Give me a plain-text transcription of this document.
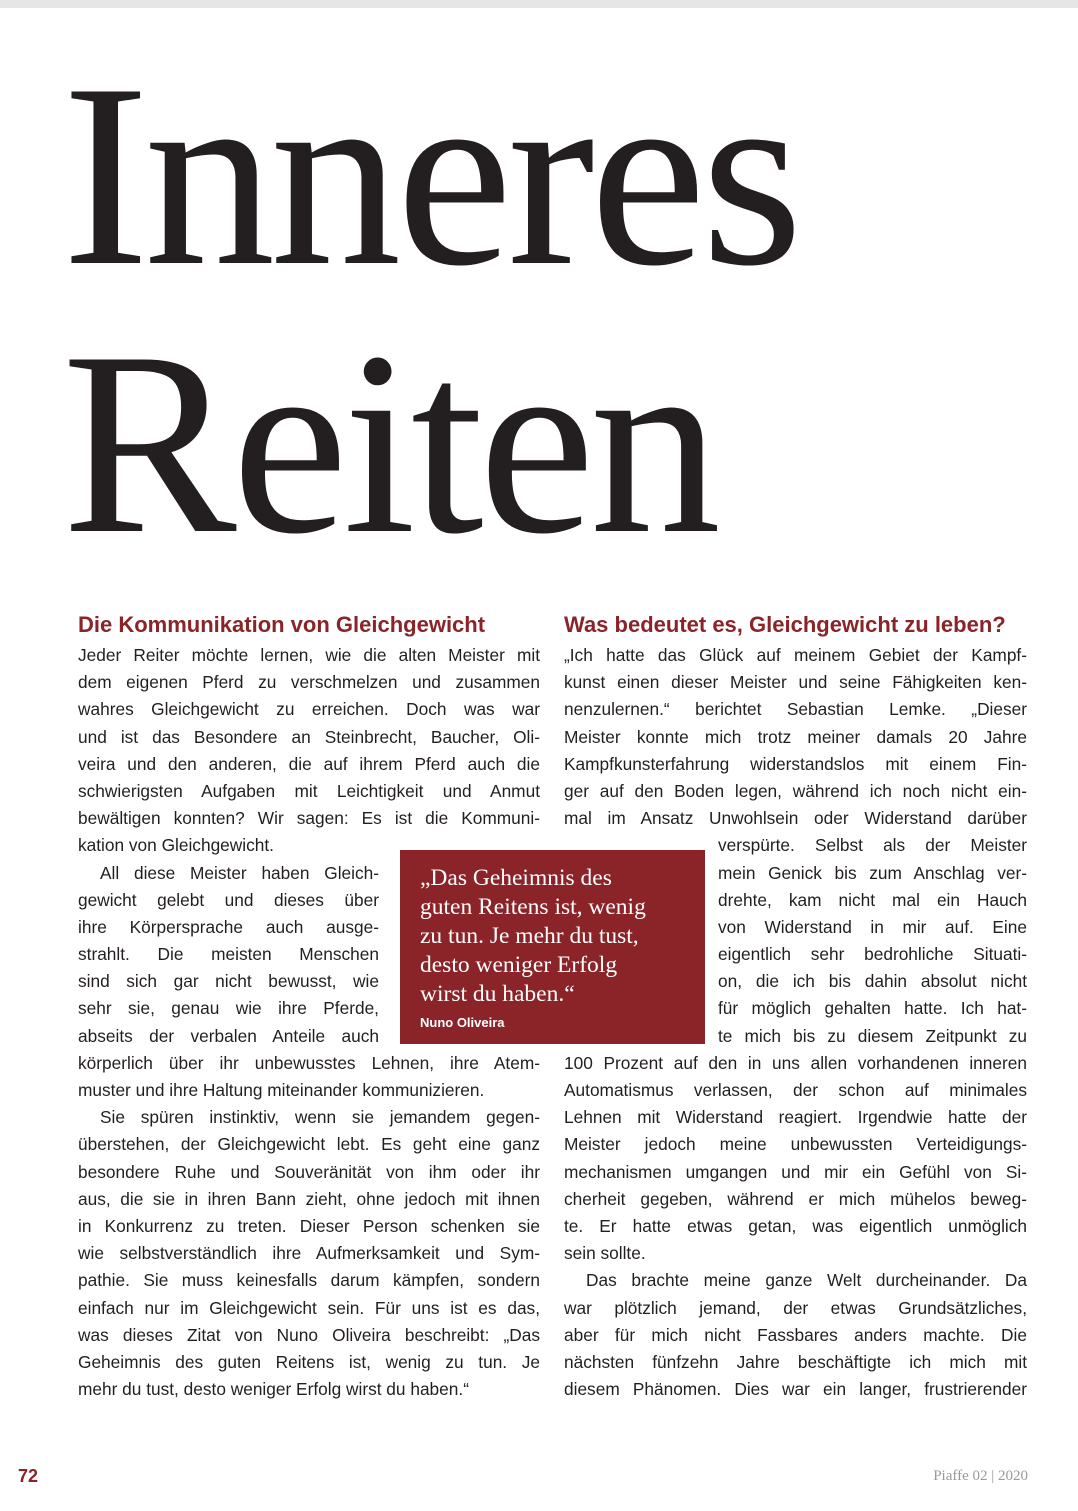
Inneres
Reiten
Die Kommunikation von Gleichgewicht	Was bedeutet es, Gleichgewicht zu leben?
Jeder Reiter möchte lernen, wie die alten Meister mit
dem eigenen Pferd zu verschmelzen und zusammen
wahres Gleichgewicht zu erreichen. Doch was war
und ist das Besondere an Steinbrecht, Baucher, Oli-
veira und den anderen, die auf ihrem Pferd auch die
schwierigsten Aufgaben mit Leichtigkeit und Anmut
bewältigen konnten? Wir sagen: Es ist die Kommuni-
kation von Gleichgewicht.
All diese Meister haben Gleich-
gewicht gelebt und dieses über
ihre Körpersprache auch ausge-
strahlt. Die meisten Menschen
sind sich gar nicht bewusst, wie
sehr sie, genau wie ihre Pferde,
abseits der verbalen Anteile auch
körperlich über ihr unbewusstes Lehnen, ihre Atem-
muster und ihre Haltung miteinander kommunizieren.
Sie spüren instinktiv, wenn sie jemandem gegen-
überstehen, der Gleichgewicht lebt. Es geht eine ganz
besondere Ruhe und Souveränität von ihm oder ihr
aus, die sie in ihren Bann zieht, ohne jedoch mit ihnen
in Konkurrenz zu treten. Dieser Person schenken sie
wie selbstverständlich ihre Aufmerksamkeit und Sym-
pathie. Sie muss keinesfalls darum kämpfen, sondern
einfach nur im Gleichgewicht sein. Für uns ist es das,
was dieses Zitat von Nuno Oliveira beschreibt: „Das
Geheimnis des guten Reitens ist, wenig zu tun. Je
mehr du tust, desto weniger Erfolg wirst du haben.“
„Ich hatte das Glück auf meinem Gebiet der Kampf-
kunst einen dieser Meister und seine Fähigkeiten ken-
nenzulernen.“ berichtet Sebastian Lemke. „Dieser
Meister konnte mich trotz meiner damals 20 Jahre
Kampfkunsterfahrung widerstandslos mit einem Fin-
ger auf den Boden legen, während ich noch nicht ein-
mal im Ansatz Unwohlsein oder Widerstand darüber
verspürte. Selbst als der Meister
mein Genick bis zum Anschlag ver-
drehte, kam nicht mal ein Hauch
von Widerstand in mir auf. Eine
eigentlich sehr bedrohliche Situati-
on, die ich bis dahin absolut nicht
für möglich gehalten hatte. Ich hat-
te mich bis zu diesem Zeitpunkt zu
100 Prozent auf den in uns allen vorhandenen inneren
Automatismus verlassen, der schon auf minimales
Lehnen mit Widerstand reagiert. Irgendwie hatte der
Meister jedoch meine unbewussten Verteidigungs-
mechanismen umgangen und mir ein Gefühl von Si-
cherheit gegeben, während er mich mühelos beweg-
te. Er hatte etwas getan, was eigentlich unmöglich
sein sollte.
Das brachte meine ganze Welt durcheinander. Da
war plötzlich jemand, der etwas Grundsätzliches,
aber für mich nicht Fassbares anders machte. Die
nächsten fünfzehn Jahre beschäftigte ich mich mit
diesem Phänomen. Dies war ein langer, frustrierender
„Das Geheimnis des
guten Reitens ist, wenig
zu tun. Je mehr du tust,
desto weniger Erfolg
wirst du haben.“
Nuno Oliveira
72	Piaffe 02 | 2020
